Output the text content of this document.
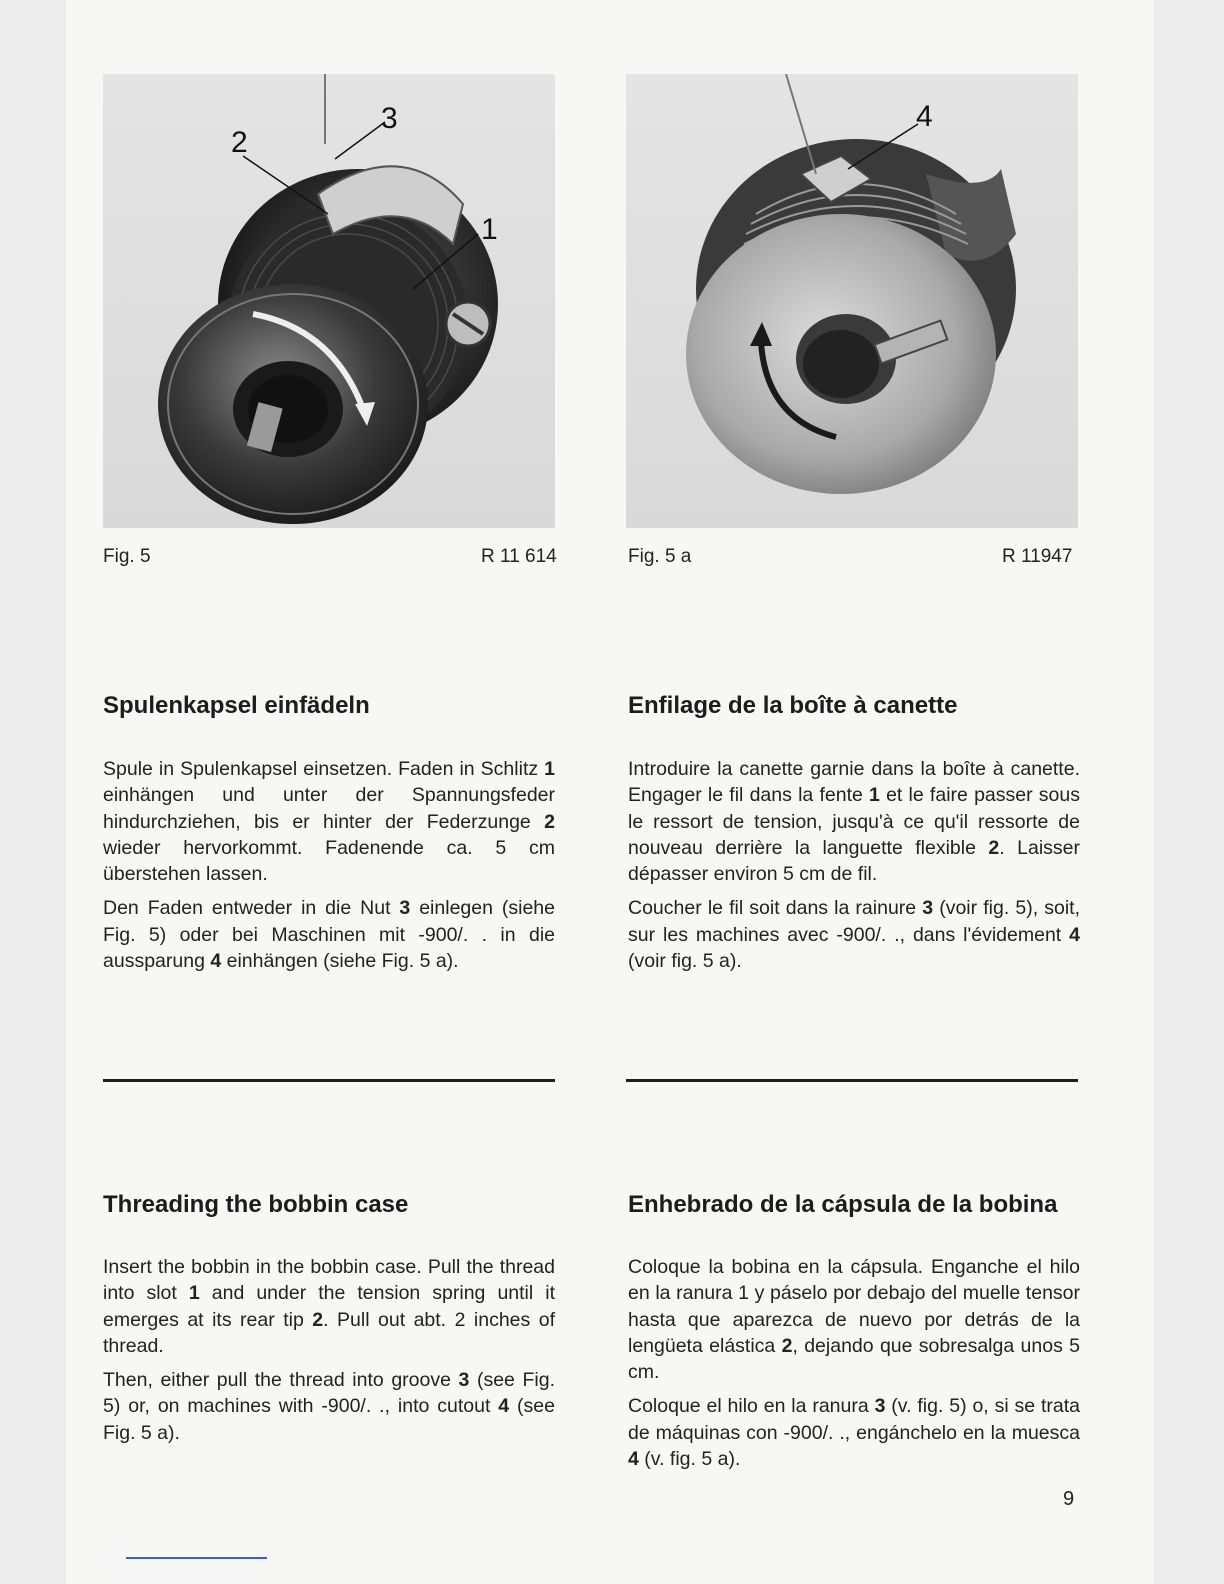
2
3
1
4
Fig. 5	R 11 614	Fig. 5 a	R 11947
Spulenkapsel einfädeln

Spule in Spulenkapsel einsetzen. Faden in Schlitz 1 einhängen und unter der Spannungsfeder hindurchziehen, bis er hinter der Federzunge 2 wieder hervorkommt. Fadenende ca. 5 cm überstehen lassen.

Den Faden entweder in die Nut 3 einlegen (siehe Fig. 5) oder bei Maschinen mit -900/. . in die aussparung 4 einhängen (siehe Fig. 5 a).

Enfilage de la boîte à canette

Introduire la canette garnie dans la boîte à canette. Engager le fil dans la fente 1 et le faire passer sous le ressort de tension, jusqu'à ce qu'il ressorte de nouveau derrière la languette flexible 2. Laisser dépasser environ 5 cm de fil.

Coucher le fil soit dans la rainure 3 (voir fig. 5), soit, sur les machines avec -900/. ., dans l'évidement 4 (voir fig. 5 a).

Threading the bobbin case

Insert the bobbin in the bobbin case. Pull the thread into slot 1 and under the tension spring until it emerges at its rear tip 2. Pull out abt. 2 inches of thread.

Then, either pull the thread into groove 3 (see Fig. 5) or, on machines with -900/. ., into cutout 4 (see Fig. 5 a).

Enhebrado de la cápsula de la bobina

Coloque la bobina en la cápsula. Enganche el hilo en la ranura 1 y páselo por debajo del muelle tensor hasta que aparezca de nuevo por detrás de la lengüeta elástica 2, dejando que sobresalga unos 5 cm.

Coloque el hilo en la ranura 3 (v. fig. 5) o, si se trata de máquinas con -900/. ., engánchelo en la muesca 4 (v. fig. 5 a).

9
